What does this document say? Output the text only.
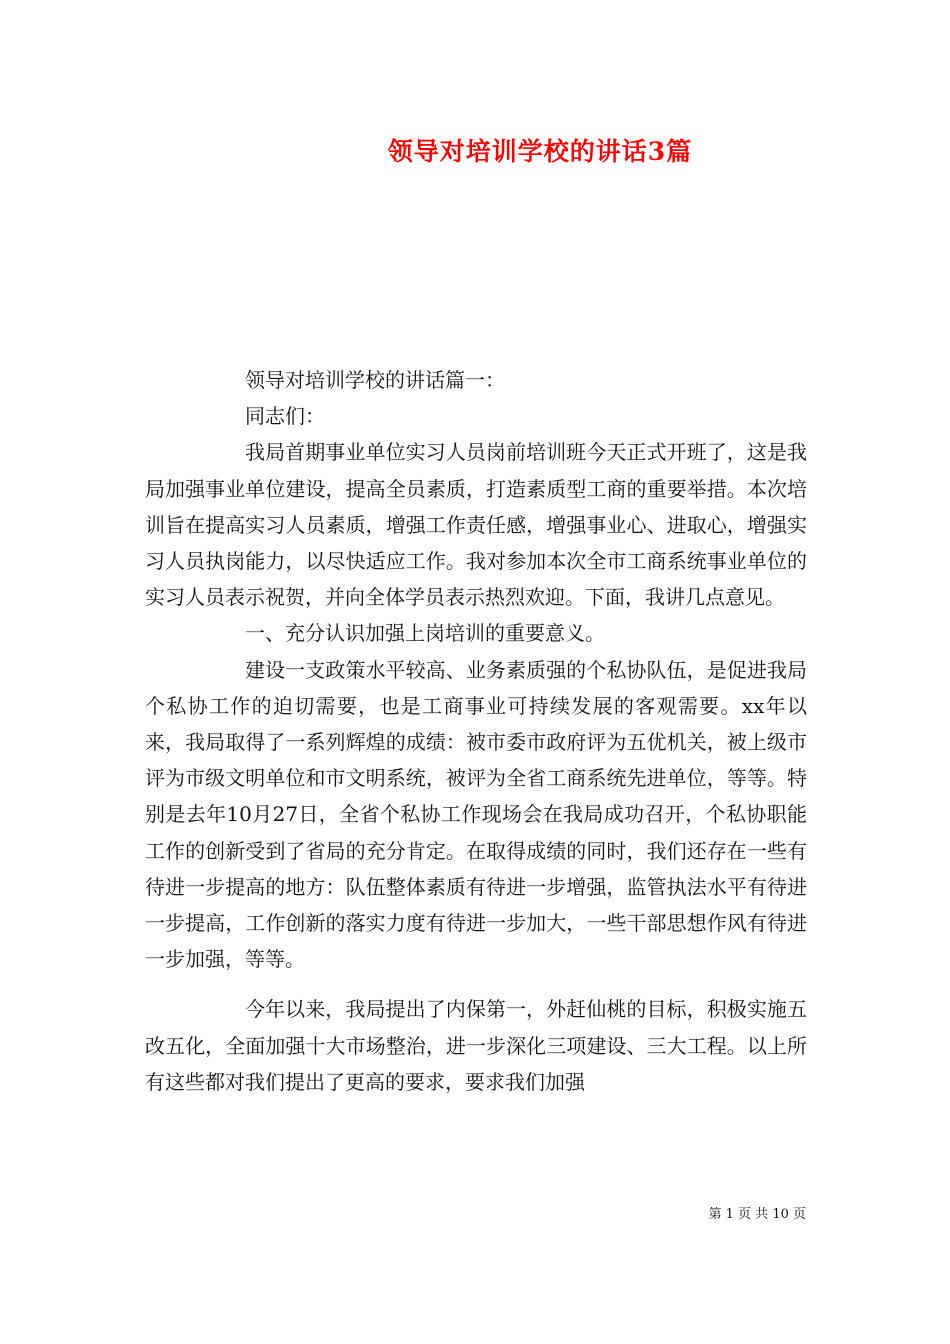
领导对培训学校的讲话3篇

领导对培训学校的讲话篇一：

同志们：

我局首期事业单位实习人员岗前培训班今天正式开班了，这是我局加强事业单位建设，提高全员素质，打造素质型工商的重要举措。本次培训旨在提高实习人员素质，增强工作责任感，增强事业心、进取心，增强实习人员执岗能力，以尽快适应工作。我对参加本次全市工商系统事业单位的实习人员表示祝贺，并向全体学员表示热烈欢迎。下面，我讲几点意见。

一、充分认识加强上岗培训的重要意义。

建设一支政策水平较高、业务素质强的个私协队伍，是促进我局个私协工作的迫切需要，也是工商事业可持续发展的客观需要。xx年以来，我局取得了一系列辉煌的成绩：被市委市政府评为五优机关，被上级市评为市级文明单位和市文明系统，被评为全省工商系统先进单位，等等。特别是去年10月27日，全省个私协工作现场会在我局成功召开，个私协职能工作的创新受到了省局的充分肯定。在取得成绩的同时，我们还存在一些有待进一步提高的地方：队伍整体素质有待进一步增强，监管执法水平有待进一步提高，工作创新的落实力度有待进一步加大，一些干部思想作风有待进一步加强，等等。

今年以来，我局提出了内保第一，外赶仙桃的目标，积极实施五改五化，全面加强十大市场整治，进一步深化三项建设、三大工程。以上所有这些都对我们提出了更高的要求，要求我们加强

第 1 页 共 10 页
